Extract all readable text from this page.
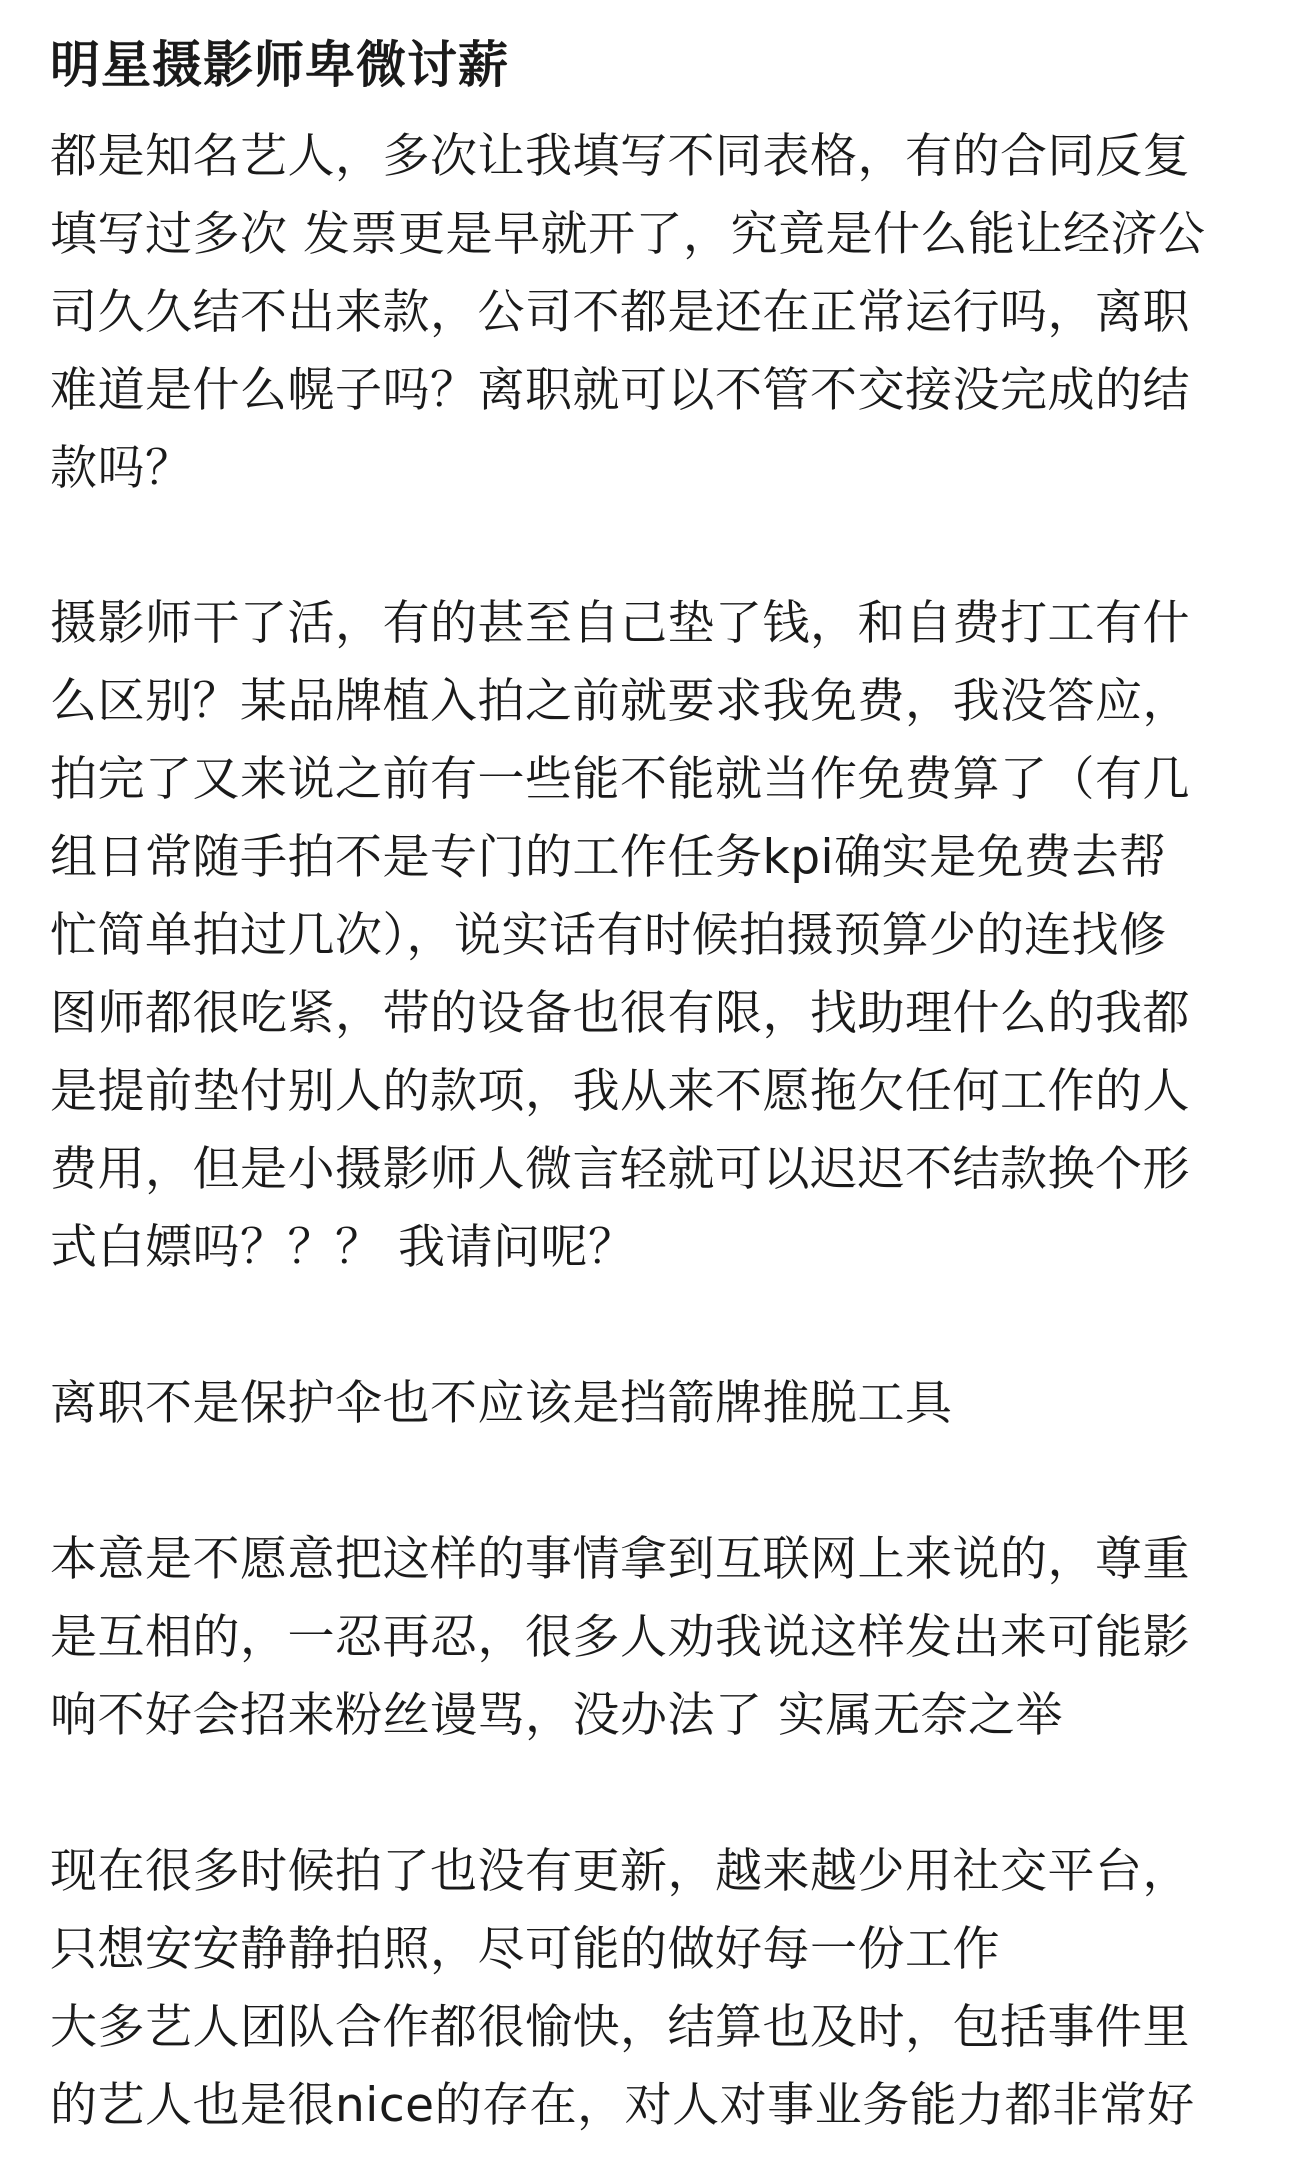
明星摄影师卑微讨薪
都是知名艺人，多次让我填写不同表格，有的合同反复
填写过多次 发票更是早就开了，究竟是什么能让经济公
司久久结不出来款，公司不都是还在正常运行吗，离职
难道是什么幌子吗？离职就可以不管不交接没完成的结
款吗？
摄影师干了活，有的甚至自己垫了钱，和自费打工有什
么区别？某品牌植入拍之前就要求我免费，我没答应，
拍完了又来说之前有一些能不能就当作免费算了（有几
组日常随手拍不是专门的工作任务kpi确实是免费去帮
忙简单拍过几次），说实话有时候拍摄预算少的连找修
图师都很吃紧，带的设备也很有限，找助理什么的我都
是提前垫付别人的款项，我从来不愿拖欠任何工作的人
费用，但是小摄影师人微言轻就可以迟迟不结款换个形
式白嫖吗？？？ 我请问呢？
离职不是保护伞也不应该是挡箭牌推脱工具
本意是不愿意把这样的事情拿到互联网上来说的，尊重
是互相的，一忍再忍，很多人劝我说这样发出来可能影
响不好会招来粉丝谩骂，没办法了 实属无奈之举
现在很多时候拍了也没有更新，越来越少用社交平台，
只想安安静静拍照，尽可能的做好每一份工作
大多艺人团队合作都很愉快，结算也及时，包括事件里
的艺人也是很nice的存在，对人对事业务能力都非常好
